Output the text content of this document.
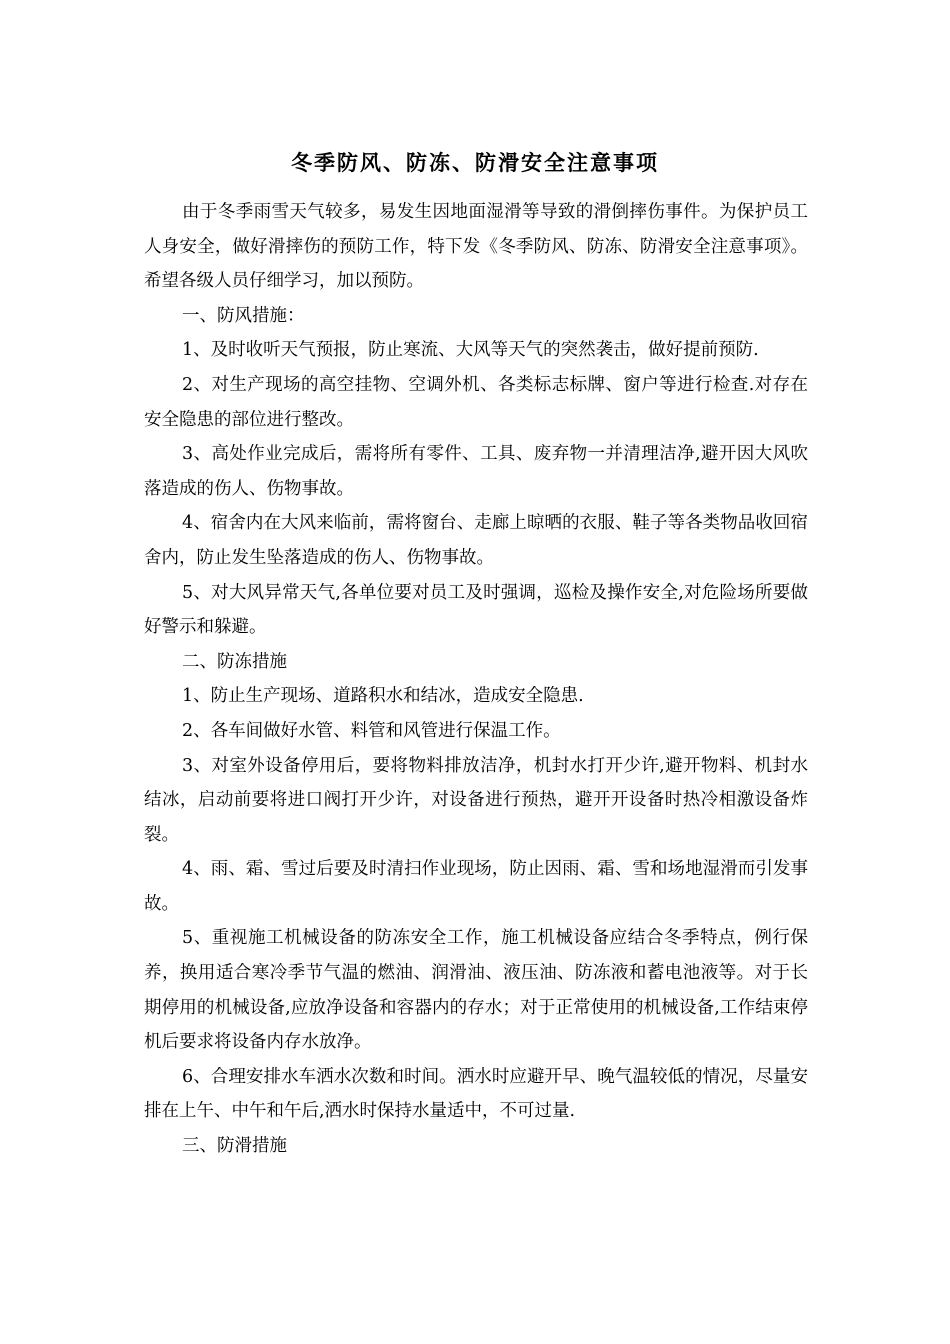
冬季防风、防冻、防滑安全注意事项

由于冬季雨雪天气较多，易发生因地面湿滑等导致的滑倒摔伤事件。为保护员工人身安全，做好滑摔伤的预防工作，特下发《冬季防风、防冻、防滑安全注意事项》。希望各级人员仔细学习，加以预防。

一、防风措施：

1、及时收听天气预报，防止寒流、大风等天气的突然袭击，做好提前预防.

2、对生产现场的高空挂物、空调外机、各类标志标牌、窗户等进行检查.对存在安全隐患的部位进行整改。

3、高处作业完成后，需将所有零件、工具、废弃物一并清理洁净,避开因大风吹落造成的伤人、伤物事故。

4、宿舍内在大风来临前，需将窗台、走廊上晾晒的衣服、鞋子等各类物品收回宿舍内，防止发生坠落造成的伤人、伤物事故。

5、对大风异常天气,各单位要对员工及时强调，巡检及操作安全,对危险场所要做好警示和躲避。

二、防冻措施

1、防止生产现场、道路积水和结冰，造成安全隐患.

2、各车间做好水管、料管和风管进行保温工作。

3、对室外设备停用后，要将物料排放洁净，机封水打开少许,避开物料、机封水结冰，启动前要将进口阀打开少许，对设备进行预热，避开开设备时热冷相激设备炸裂。

4、雨、霜、雪过后要及时清扫作业现场，防止因雨、霜、雪和场地湿滑而引发事故。

5、重视施工机械设备的防冻安全工作，施工机械设备应结合冬季特点，例行保养，换用适合寒冷季节气温的燃油、润滑油、液压油、防冻液和蓄电池液等。对于长期停用的机械设备,应放净设备和容器内的存水；对于正常使用的机械设备,工作结束停机后要求将设备内存水放净。

6、合理安排水车洒水次数和时间。洒水时应避开早、晚气温较低的情况，尽量安排在上午、中午和午后,洒水时保持水量适中，不可过量.

三、防滑措施
